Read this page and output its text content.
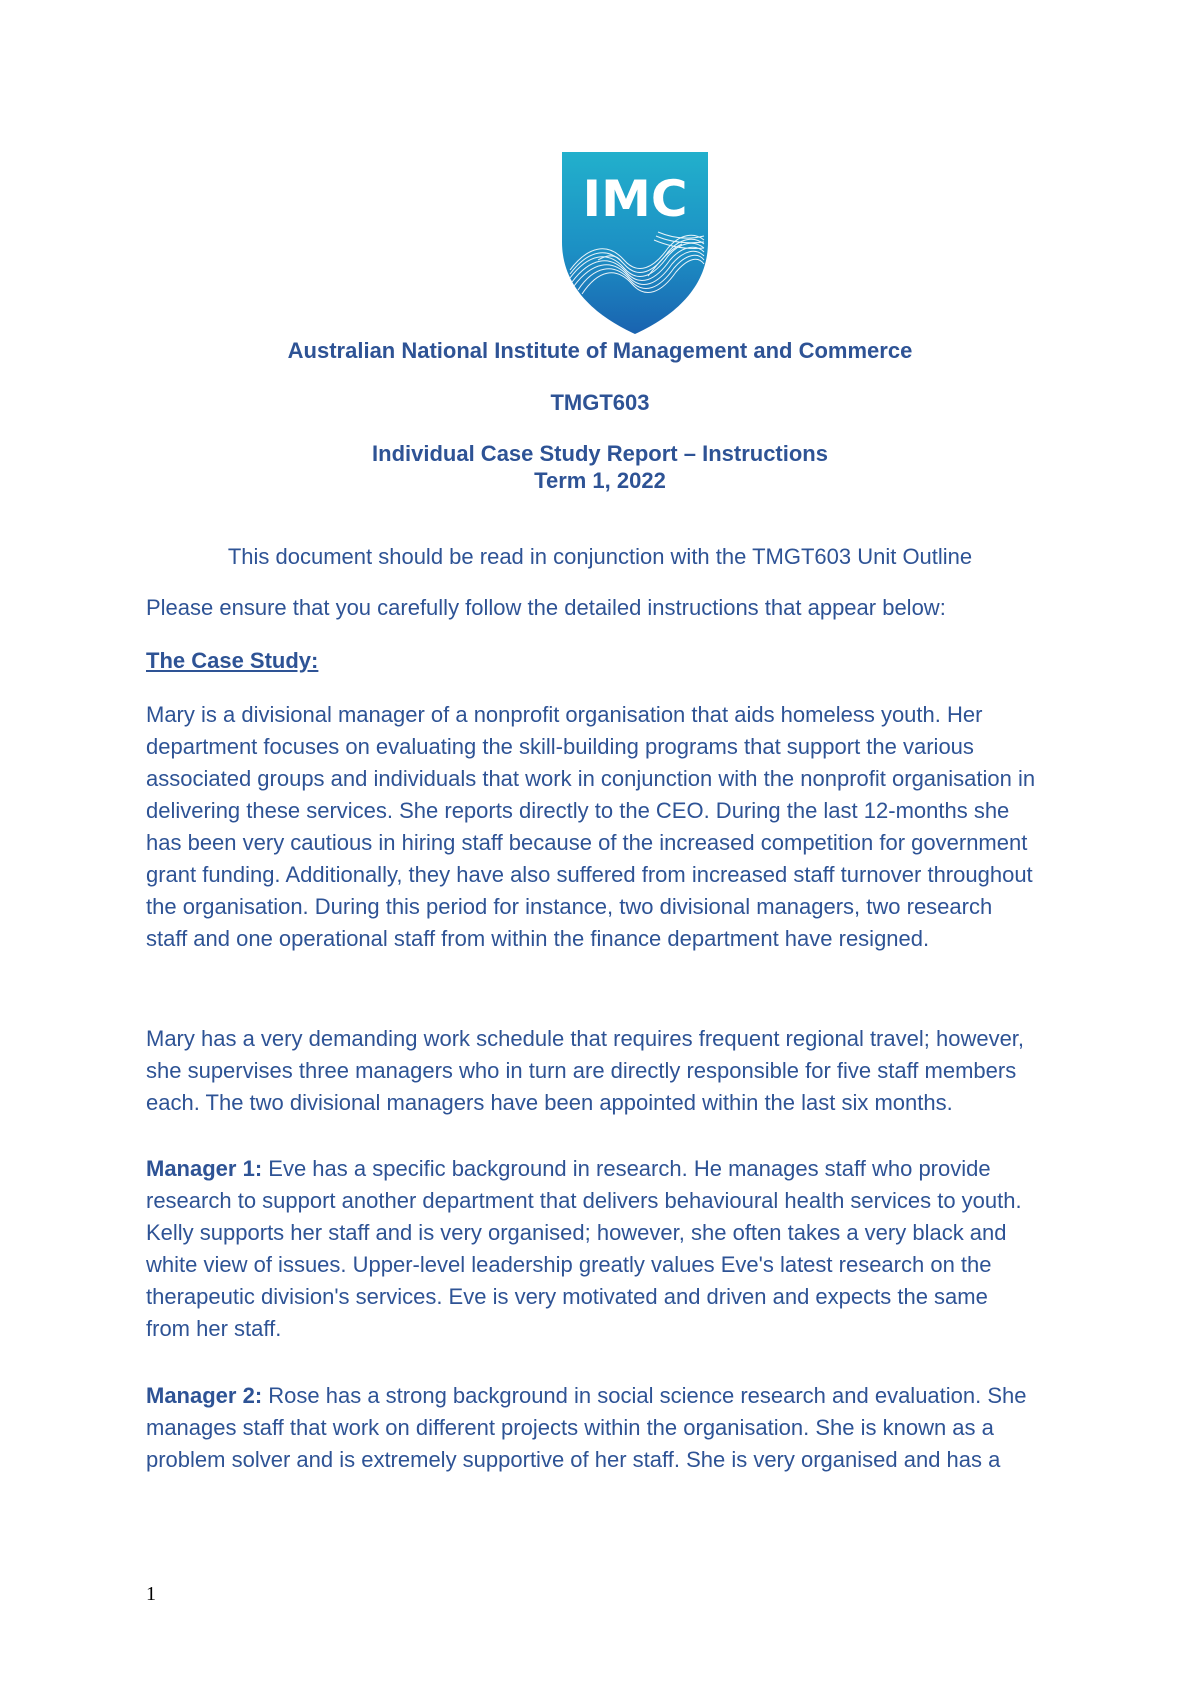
IMC
Australian National Institute of Management and Commerce
TMGT603
Individual Case Study Report – Instructions
Term 1, 2022
This document should be read in conjunction with the TMGT603 Unit Outline

Please ensure that you carefully follow the detailed instructions that appear below:

The Case Study:

Mary is a divisional manager of a nonprofit organisation that aids homeless youth. Her
department focuses on evaluating the skill-building programs that support the various
associated groups and individuals that work in conjunction with the nonprofit organisation in
delivering these services. She reports directly to the CEO. During the last 12-months she
has been very cautious in hiring staff because of the increased competition for government
grant funding. Additionally, they have also suffered from increased staff turnover throughout
the organisation. During this period for instance, two divisional managers, two research
staff and one operational staff from within the finance department have resigned.

Mary has a very demanding work schedule that requires frequent regional travel; however,
she supervises three managers who in turn are directly responsible for five staff members
each. The two divisional managers have been appointed within the last six months.

Manager 1: Eve has a specific background in research. He manages staff who provide
research to support another department that delivers behavioural health services to youth.
Kelly supports her staff and is very organised; however, she often takes a very black and
white view of issues. Upper-level leadership greatly values Eve's latest research on the
therapeutic division's services. Eve is very motivated and driven and expects the same
from her staff.

Manager 2: Rose has a strong background in social science research and evaluation. She
manages staff that work on different projects within the organisation. She is known as a
problem solver and is extremely supportive of her staff. She is very organised and has a

1
